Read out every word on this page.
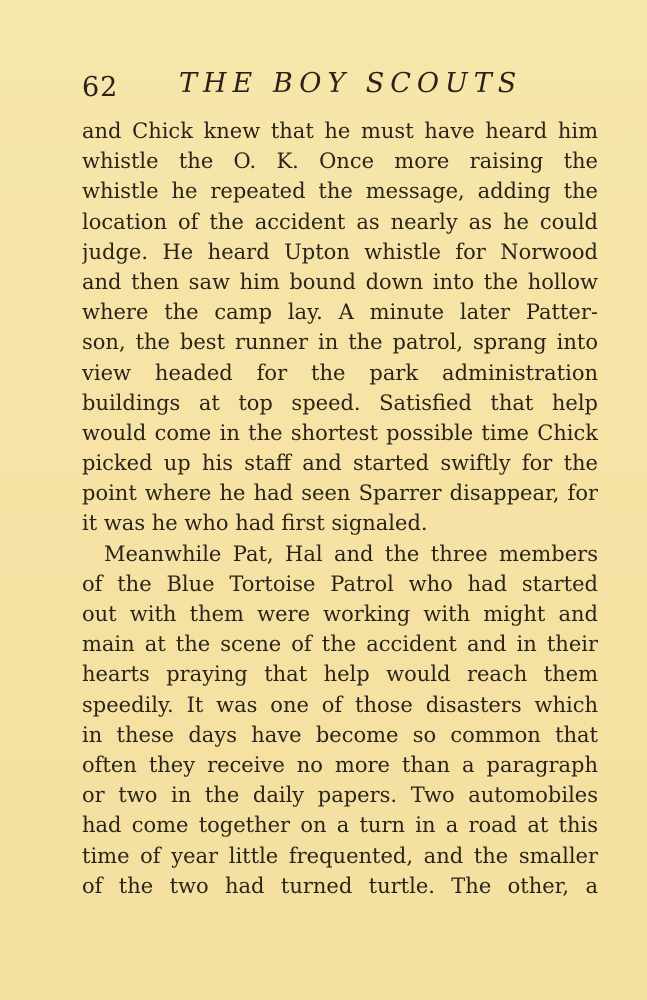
62 THE BOY SCOUTS
and Chick knew that he must have heard him
whistle the O. K. Once more raising the
whistle he repeated the message, adding the
location of the accident as nearly as he could
judge. He heard Upton whistle for Norwood
and then saw him bound down into the hollow
where the camp lay. A minute later Patter-
son, the best runner in the patrol, sprang into
view headed for the park administration
buildings at top speed. Satisfied that help
would come in the shortest possible time Chick
picked up his staff and started swiftly for the
point where he had seen Sparrer disappear, for
it was he who had first signaled.
Meanwhile Pat, Hal and the three members
of the Blue Tortoise Patrol who had started
out with them were working with might and
main at the scene of the accident and in their
hearts praying that help would reach them
speedily. It was one of those disasters which
in these days have become so common that
often they receive no more than a paragraph
or two in the daily papers. Two automobiles
had come together on a turn in a road at this
time of year little frequented, and the smaller
of the two had turned turtle. The other, a
